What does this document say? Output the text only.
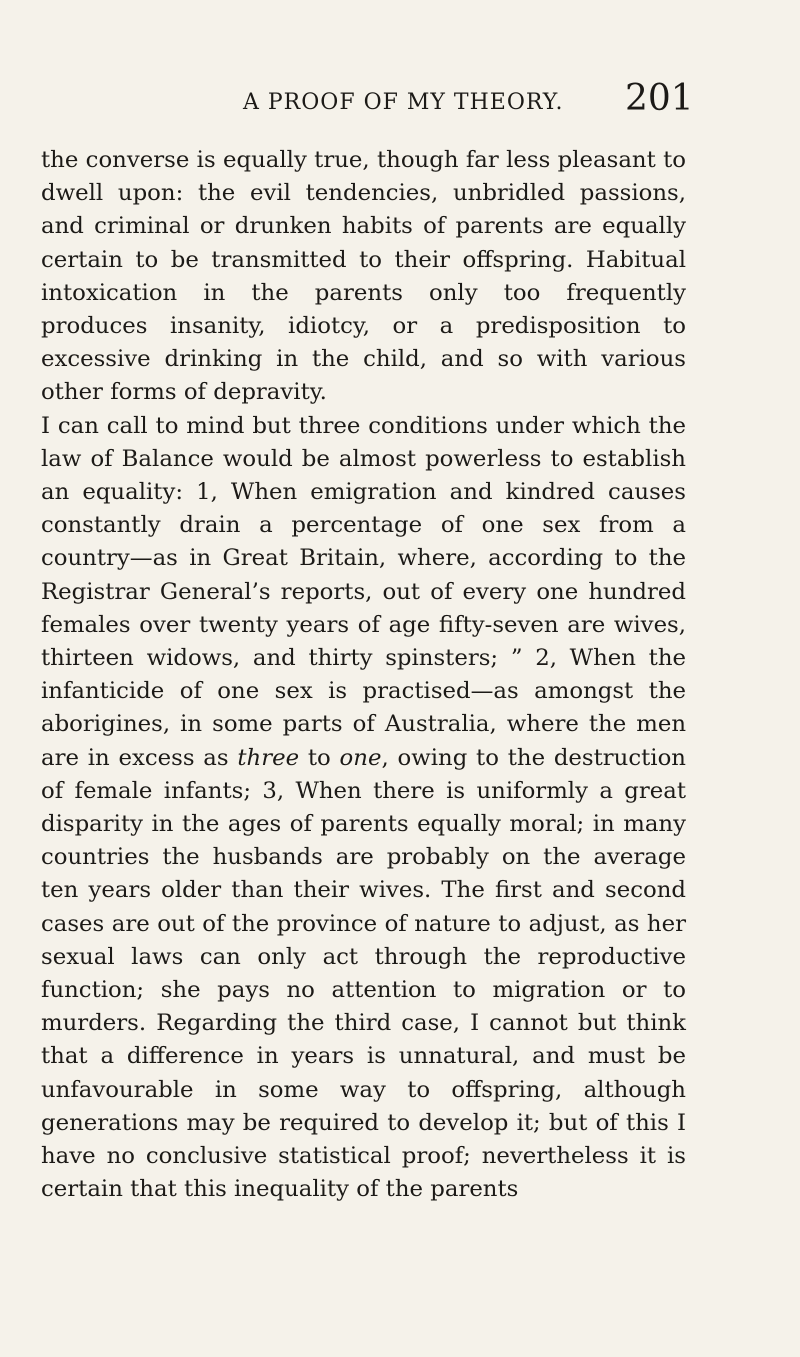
A PROOF OF MY THEORY. 201

the converse is equally true, though far less pleasant to dwell upon: the evil tendencies, unbridled passions, and criminal or drunken habits of parents are equally certain to be transmitted to their offspring. Habitual intoxication in the parents only too frequently produces insanity, idiotcy, or a predisposition to excessive drinking in the child, and so with various other forms of depravity.

I can call to mind but three conditions under which the law of Balance would be almost powerless to establish an equality: 1, When emigration and kindred causes constantly drain a percentage of one sex from a country—as in Great Britain, where, according to the Registrar General’s reports, out of every one hundred females over twenty years of age fifty-seven are wives, thirteen widows, and thirty spinsters; ” 2, When the infanticide of one sex is practised—as amongst the aborigines, in some parts of Australia, where the men are in excess as three to one, owing to the destruction of female infants; 3, When there is uniformly a great disparity in the ages of parents equally moral; in many countries the husbands are probably on the average ten years older than their wives. The first and second cases are out of the province of nature to adjust, as her sexual laws can only act through the reproductive function; she pays no attention to migration or to murders. Regarding the third case, I cannot but think that a difference in years is unnatural, and must be unfavourable in some way to offspring, although generations may be required to develop it; but of this I have no conclusive statistical proof; nevertheless it is certain that this inequality of the parents
